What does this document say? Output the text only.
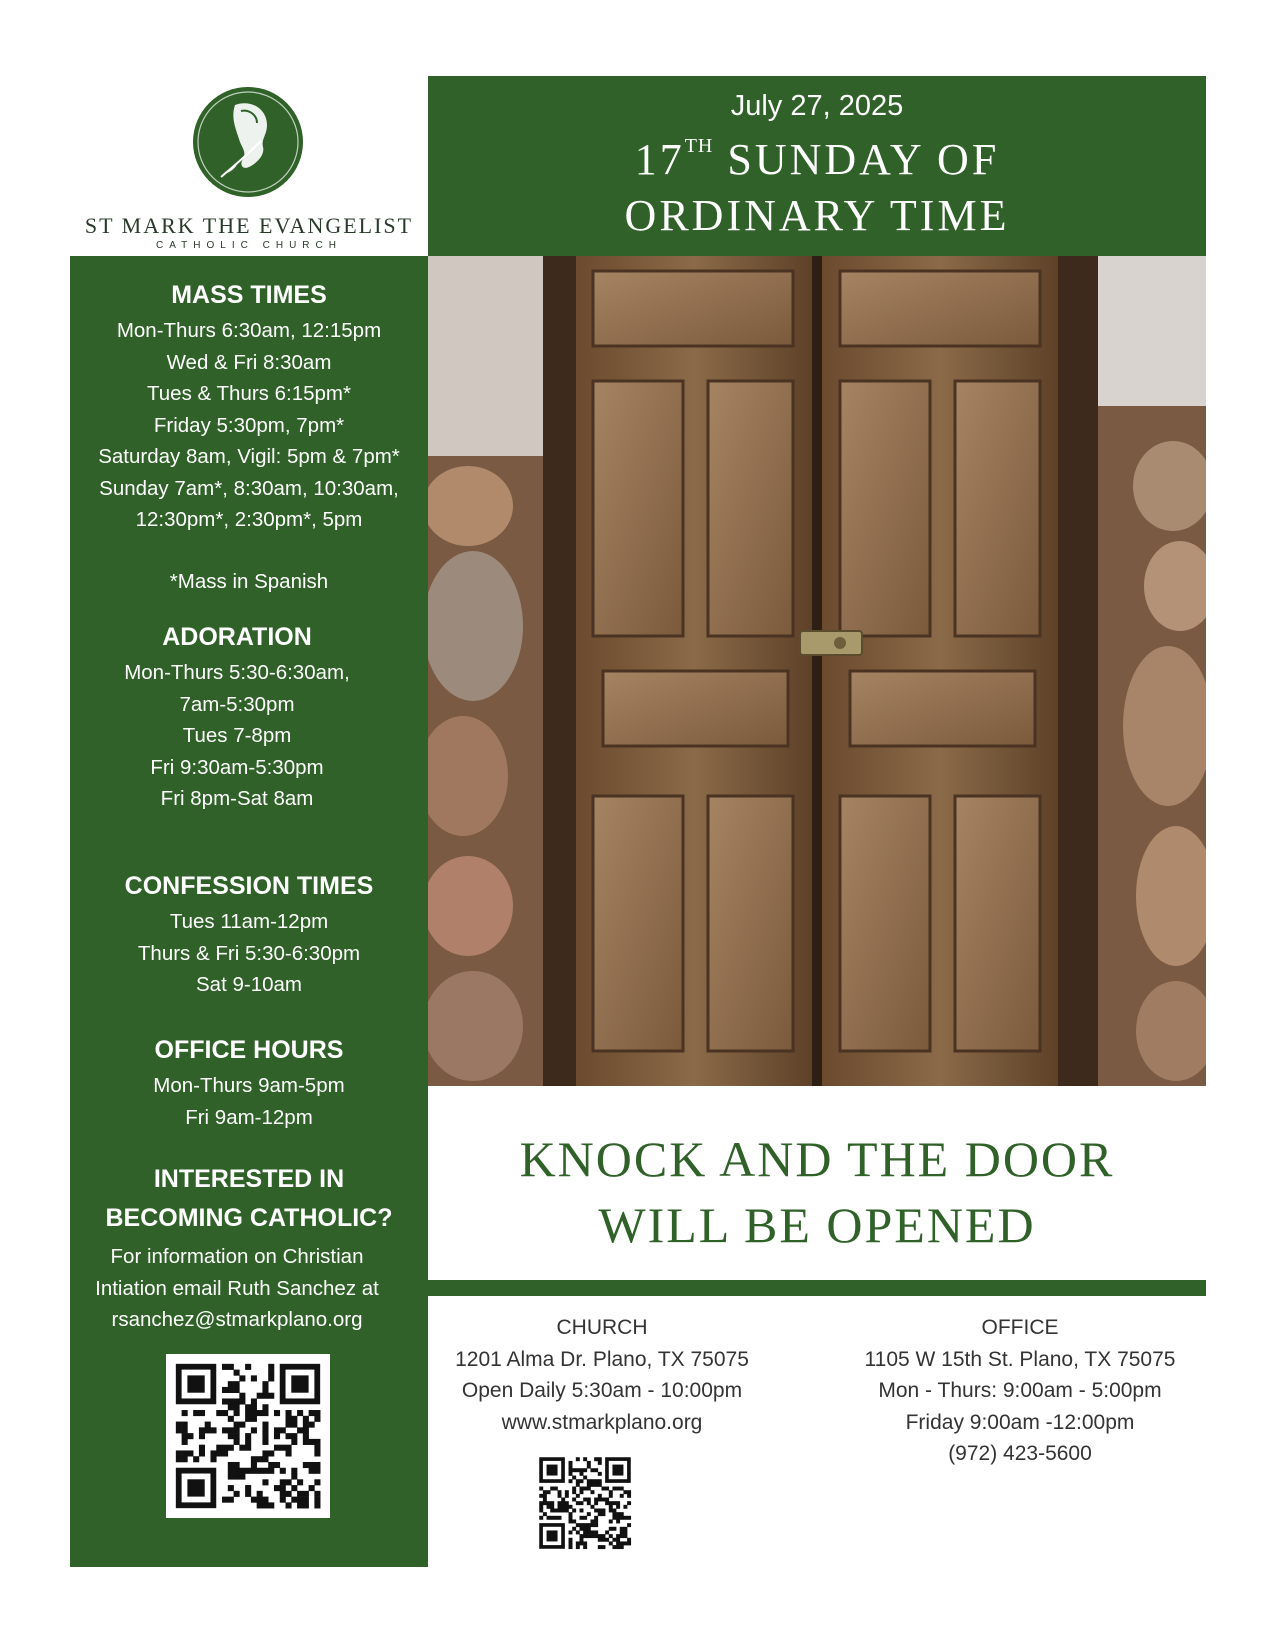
ST MARK THE EVANGELIST
CATHOLIC CHURCH
July 27, 2025
17TH SUNDAY OF
ORDINARY TIME
MASS TIMES
Mon-Thurs 6:30am, 12:15pm
Wed & Fri 8:30am
Tues & Thurs 6:15pm*
Friday 5:30pm, 7pm*
Saturday 8am, Vigil: 5pm & 7pm*
Sunday 7am*, 8:30am, 10:30am,
12:30pm*, 2:30pm*, 5pm
*Mass in Spanish
ADORATION
Mon-Thurs 5:30-6:30am,
7am-5:30pm
Tues 7-8pm
Fri 9:30am-5:30pm
Fri 8pm-Sat 8am
CONFESSION TIMES
Tues 11am-12pm
Thurs & Fri 5:30-6:30pm
Sat 9-10am
OFFICE HOURS
Mon-Thurs 9am-5pm
Fri 9am-12pm
INTERESTED IN
BECOMING CATHOLIC?
For information on Christian
Intiation email Ruth Sanchez at
rsanchez@stmarkplano.org
KNOCK AND THE DOOR
WILL BE OPENED
CHURCH
1201 Alma Dr. Plano, TX 75075
Open Daily 5:30am - 10:00pm
www.stmarkplano.org
OFFICE
1105 W 15th St. Plano, TX 75075
Mon - Thurs: 9:00am - 5:00pm
Friday 9:00am -12:00pm
(972) 423-5600
